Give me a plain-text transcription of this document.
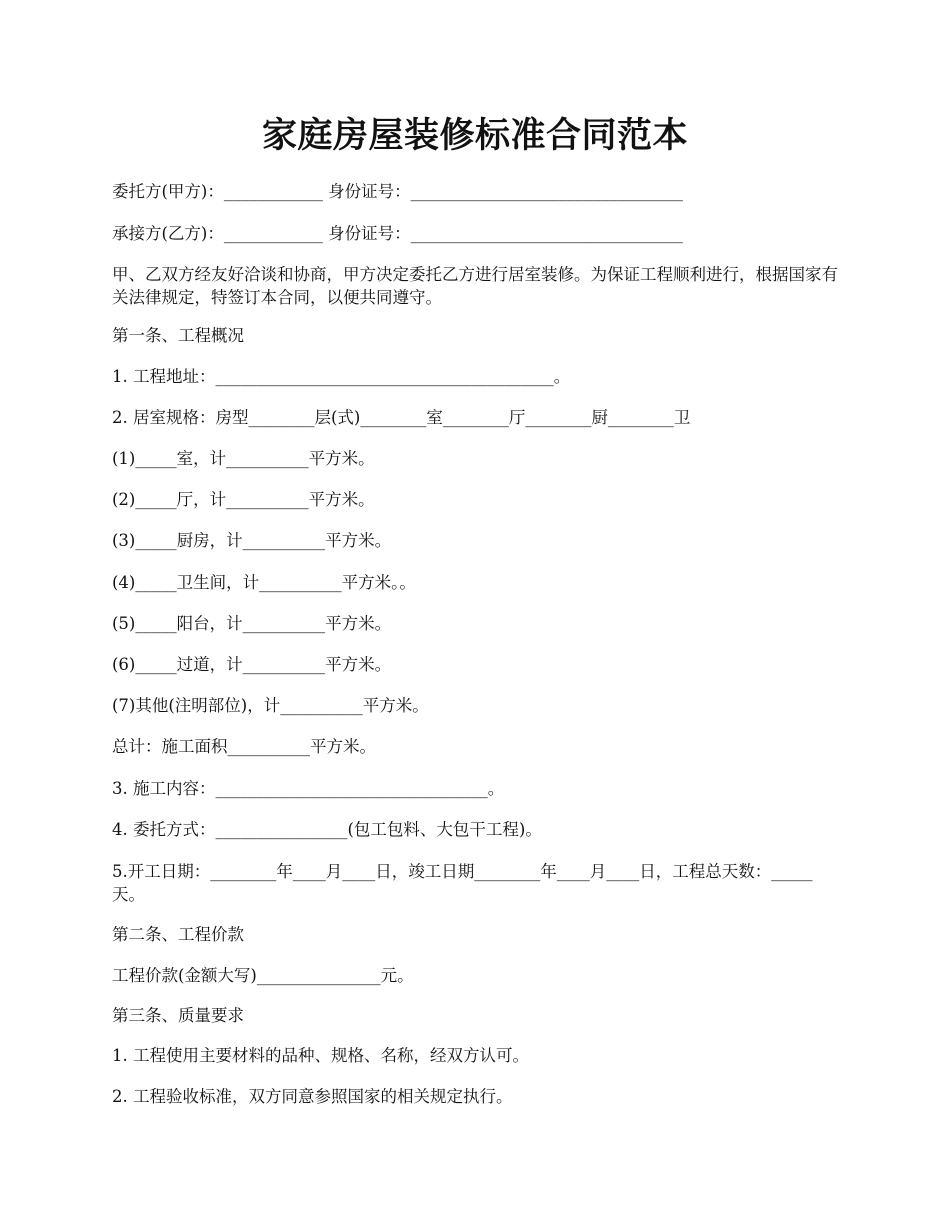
家庭房屋装修标准合同范本
委托方(甲方)：____________ 身份证号：_________________________________
承接方(乙方)：____________ 身份证号：_________________________________
甲、乙双方经友好洽谈和协商，甲方决定委托乙方进行居室装修。为保证工程顺利进行，根据国家有关法律规定，特签订本合同，以便共同遵守。
第一条、工程概况
1. 工程地址：_________________________________________。
2. 居室规格：房型________层(式)________室________厅________厨________卫
(1)_____室，计__________平方米。
(2)_____厅，计__________平方米。
(3)_____厨房，计__________平方米。
(4)_____卫生间，计__________平方米。。
(5)_____阳台，计__________平方米。
(6)_____过道，计__________平方米。
(7)其他(注明部位)，计__________平方米。
总计：施工面积__________平方米。
3. 施工内容：_________________________________。
4. 委托方式：________________(包工包料、大包干工程)。
5.开工日期：________年____月____日，竣工日期________年____月____日，工程总天数：_____天。
第二条、工程价款
工程价款(金额大写)_______________元。
第三条、质量要求
1. 工程使用主要材料的品种、规格、名称，经双方认可。
2. 工程验收标准，双方同意参照国家的相关规定执行。
